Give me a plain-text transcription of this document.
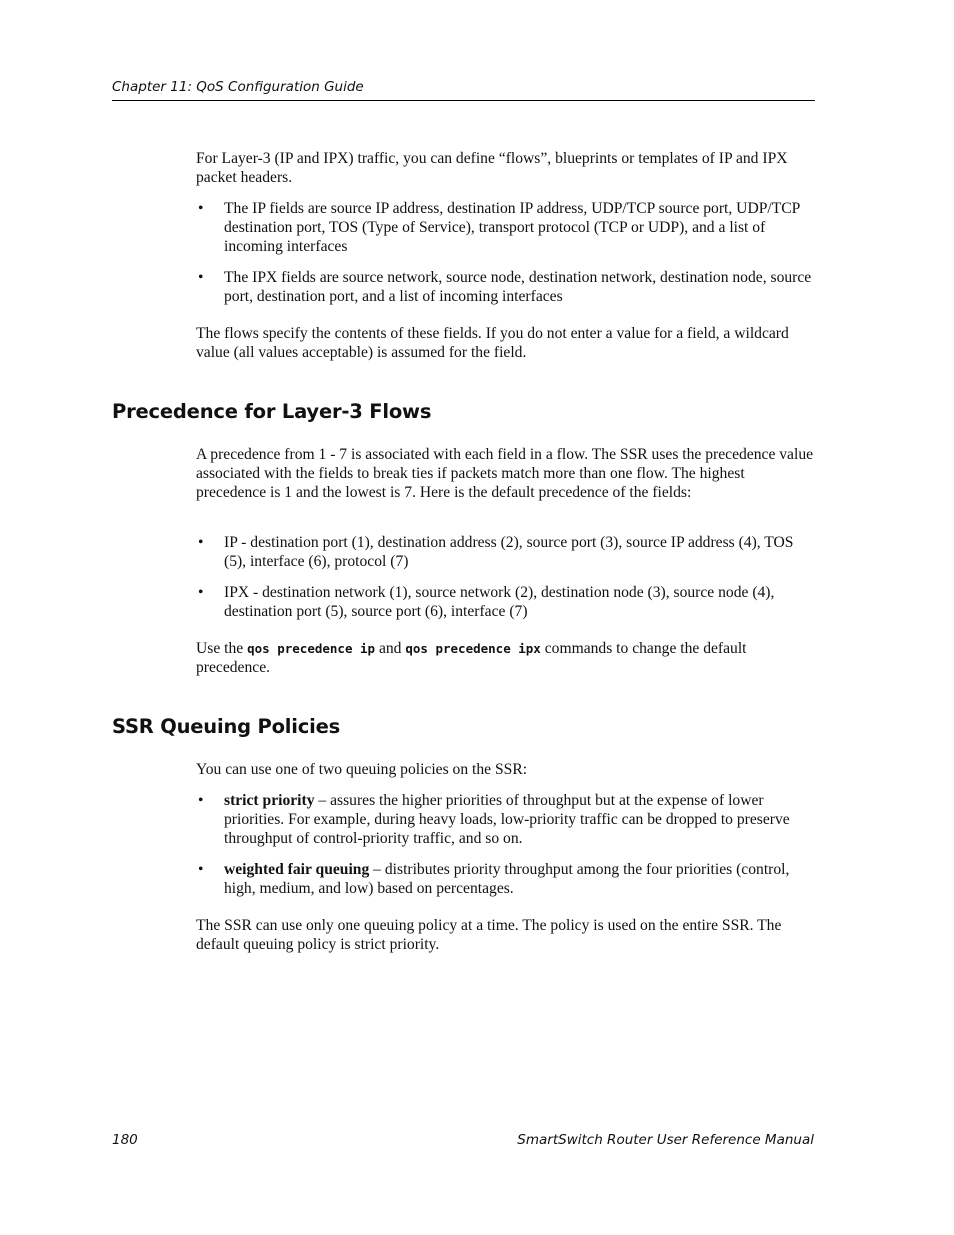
Chapter 11: QoS Configuration Guide

For Layer-3 (IP and IPX) traffic, you can define “flows”, blueprints or templates of IP and IPX packet headers.

• The IP fields are source IP address, destination IP address, UDP/TCP source port, UDP/TCP destination port, TOS (Type of Service), transport protocol (TCP or UDP), and a list of incoming interfaces
• The IPX fields are source network, source node, destination network, destination node, source port, destination port, and a list of incoming interfaces

The flows specify the contents of these fields. If you do not enter a value for a field, a wildcard value (all values acceptable) is assumed for the field.

Precedence for Layer-3 Flows

A precedence from 1 - 7 is associated with each field in a flow. The SSR uses the precedence value associated with the fields to break ties if packets match more than one flow. The highest precedence is 1 and the lowest is 7. Here is the default precedence of the fields:

• IP - destination port (1), destination address (2), source port (3), source IP address (4), TOS (5), interface (6), protocol (7)
• IPX - destination network (1), source network (2), destination node (3), source node (4), destination port (5), source port (6), interface (7)

Use the qos precedence ip and qos precedence ipx commands to change the default precedence.

SSR Queuing Policies

You can use one of two queuing policies on the SSR:

• strict priority – assures the higher priorities of throughput but at the expense of lower priorities. For example, during heavy loads, low-priority traffic can be dropped to preserve throughput of control-priority traffic, and so on.
• weighted fair queuing – distributes priority throughput among the four priorities (control, high, medium, and low) based on percentages.

The SSR can use only one queuing policy at a time. The policy is used on the entire SSR. The default queuing policy is strict priority.

180	SmartSwitch Router User Reference Manual
